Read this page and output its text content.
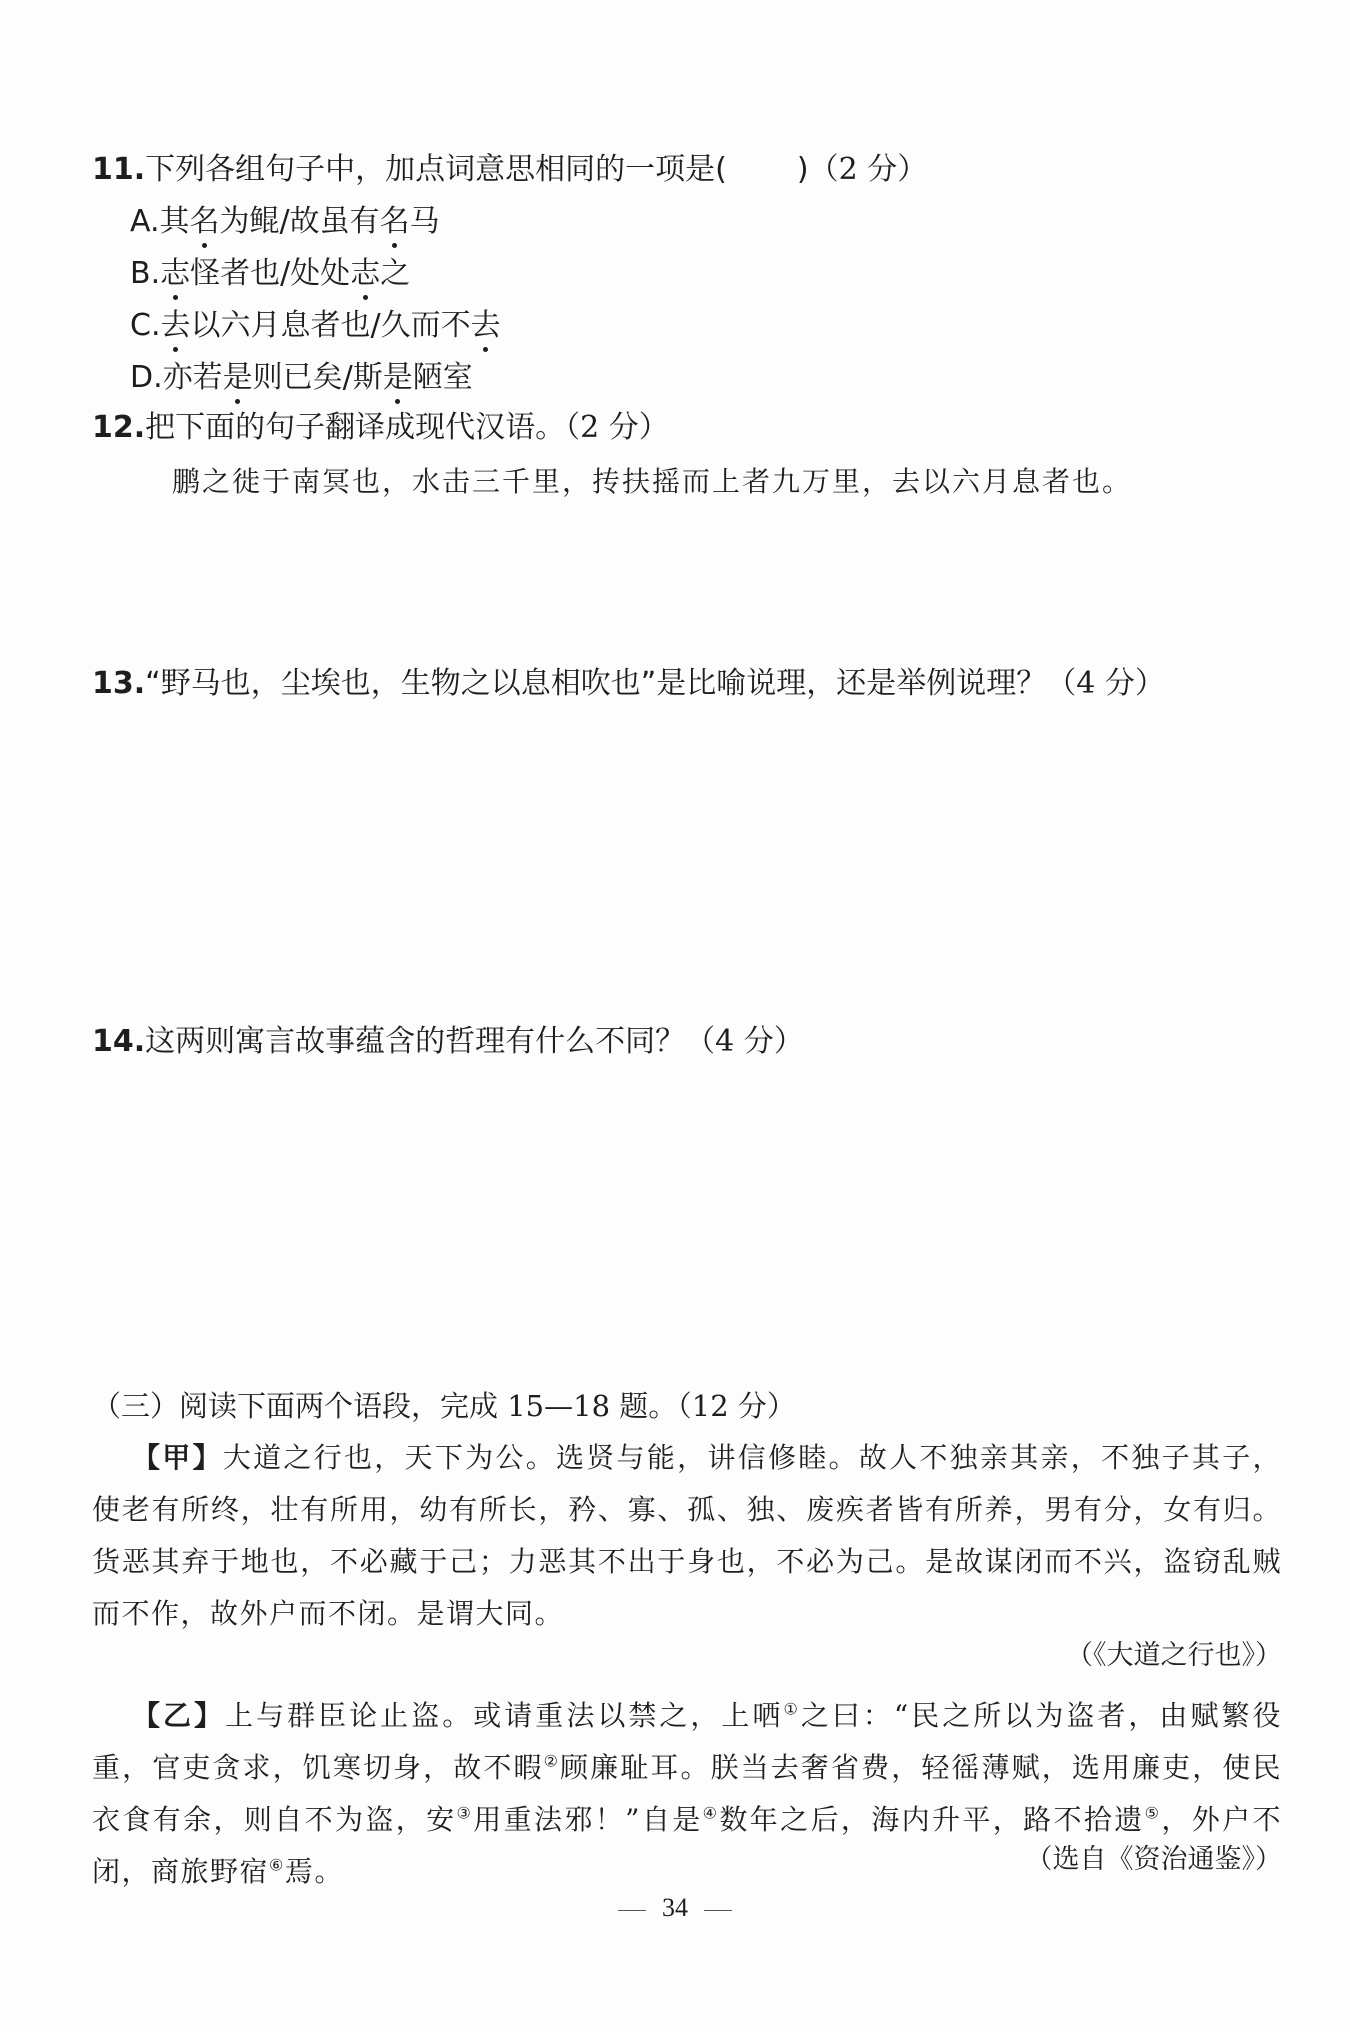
11.下列各组句子中，加点词意思相同的一项是( )（2 分）
A.其名为鲲/故虽有名马
B.志怪者也/处处志之
C.去以六月息者也/久而不去
D.亦若是则已矣/斯是陋室
12.把下面的句子翻译成现代汉语。（2 分）
鹏之徙于南冥也，水击三千里，抟扶摇而上者九万里，去以六月息者也。
13.“野马也，尘埃也，生物之以息相吹也”是比喻说理，还是举例说理？（4 分）
14.这两则寓言故事蕴含的哲理有什么不同？（4 分）
（三）阅读下面两个语段，完成 15—18 题。（12 分）
【甲】大道之行也，天下为公。选贤与能，讲信修睦。故人不独亲其亲，不独子其子，使老有所终，壮有所用，幼有所长，矜、寡、孤、独、废疾者皆有所养，男有分，女有归。货恶其弃于地也，不必藏于己；力恶其不出于身也，不必为己。是故谋闭而不兴，盗窃乱贼而不作，故外户而不闭。是谓大同。
（《大道之行也》）
【乙】上与群臣论止盗。或请重法以禁之，上哂①之曰：“民之所以为盗者，由赋繁役重，官吏贪求，饥寒切身，故不暇②顾廉耻耳。朕当去奢省费，轻徭薄赋，选用廉吏，使民衣食有余，则自不为盗，安③用重法邪！”自是④数年之后，海内升平，路不拾遗⑤，外户不闭，商旅野宿⑥焉。	（选自《资治通鉴》）
34
